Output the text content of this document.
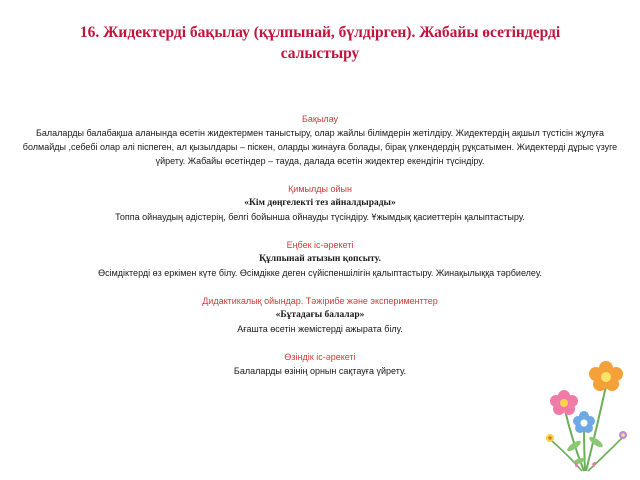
16. Жидектерді бақылау (құлпынай, бүлдірген). Жабайы өсетіндерді салыстыру

Бақылау

Балаларды балабақша аланында өсетін жидектермен таныстыру, олар жайлы білімдерін жетілдіру. Жидектердің ақшыл түстісін жұлуға болмайды ,себебі олар әлі піспеген, ал қызылдары – піскен, оларды жинауға болады, бірақ үлкендердің рұқсатымен. Жидектерді дұрыс үзуге үйрету. Жабайы өсетіндер – тауда, далада өсетін жидектер екендігін түсіндіру.

Қимылды ойын

«Кім дөңгелекті тез айналдырады»

Топпа ойнаудың әдістерің, белгі бойынша ойнауды түсіндіру. Ұжымдық қасиеттерін қалыптастыру.

Еңбек іс-әрекеті

Құлпынай атызын қопсыту.

Өсімдіктерді өз еркімен күте білу. Өсімдікке деген сүйіспеншілігін қалыптастыру. Жинақылыққа тәрбиелеу.

Дидактикалық ойындар. Тәжірибе және эксперименттер

«Бұтадағы балалар»

Ағашта өсетін жемістерді ажырата білу.

Өзіндік іс-әрекеті

Балаларды өзінің орнын сақтауға үйрету.
